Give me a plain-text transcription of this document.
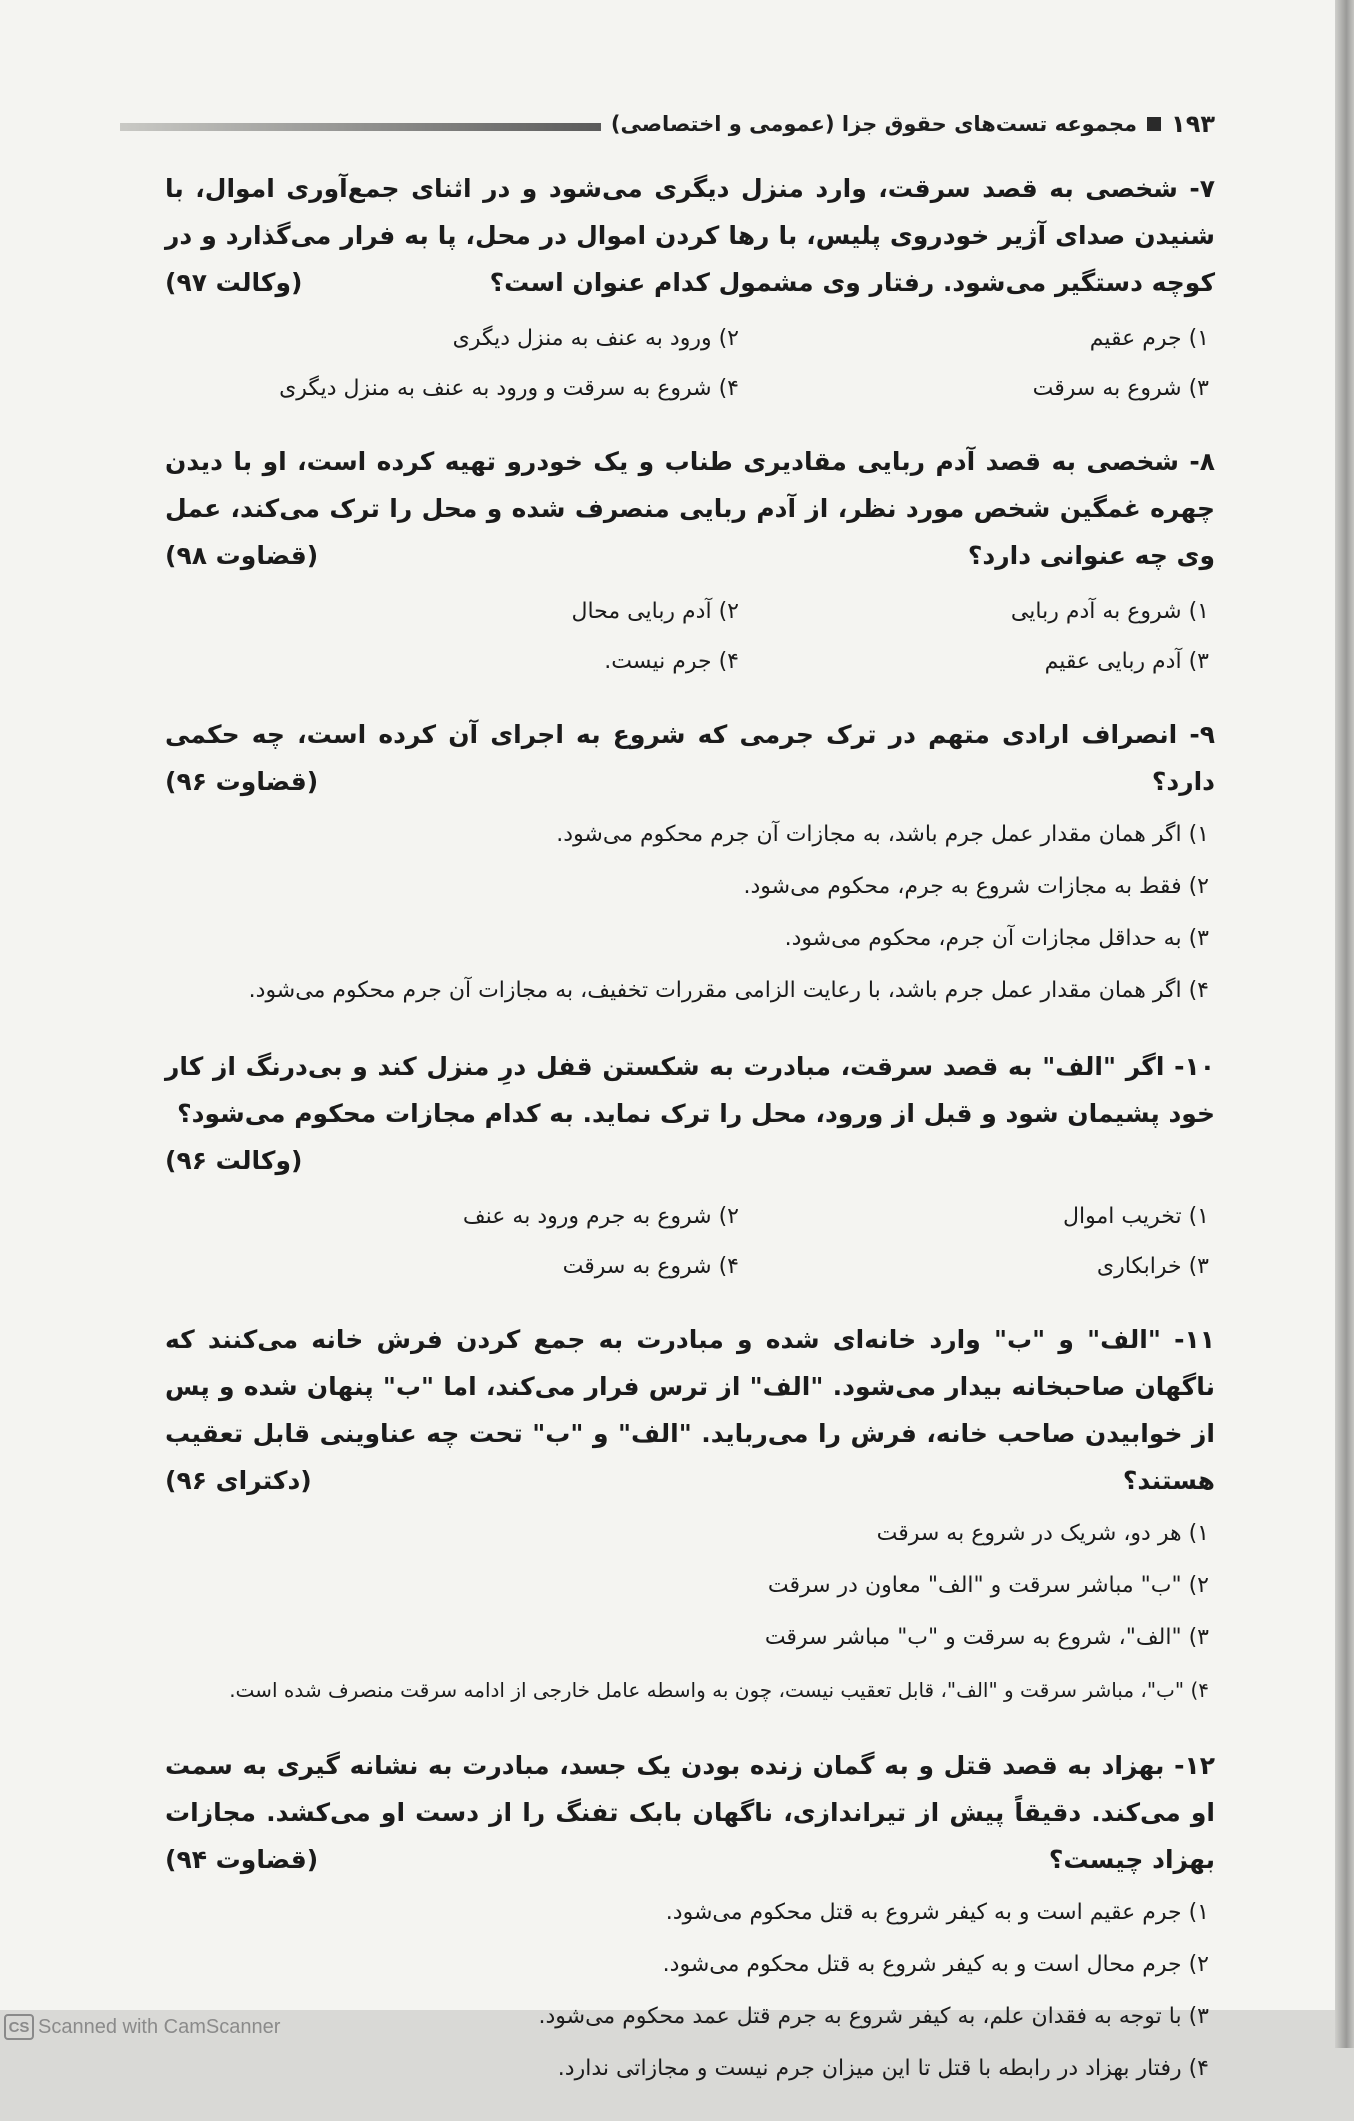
۱۹۳
مجموعه تست‌های حقوق جزا (عمومی و اختصاصی)
۷- شخصی به قصد سرقت، وارد منزل دیگری می‌شود و در اثنای جمع‌آوری اموال، با شنیدن صدای آژیر خودروی پلیس، با رها کردن اموال در محل، پا به فرار می‌گذارد و در کوچه دستگیر می‌شود. رفتار وی مشمول کدام عنوان است؟
(وکالت ۹۷)
۱) جرم عقیم
۲) ورود به عنف به منزل دیگری
۳) شروع به سرقت
۴) شروع به سرقت و ورود به عنف به منزل دیگری
۸- شخصی به قصد آدم ربایی مقادیری طناب و یک خودرو تهیه کرده است، او با دیدن چهره غمگین شخص مورد نظر، از آدم ربایی منصرف شده و محل را ترک می‌کند، عمل وی چه عنوانی دارد؟
(قضاوت ۹۸)
۱) شروع به آدم ربایی
۲) آدم ربایی محال
۳) آدم ربایی عقیم
۴) جرم نیست.
۹- انصراف ارادی متهم در ترک جرمی که شروع به اجرای آن کرده است، چه حکمی دارد؟
(قضاوت ۹۶)
۱) اگر همان مقدار عمل جرم باشد، به مجازات آن جرم محکوم می‌شود.
۲) فقط به مجازات شروع به جرم، محکوم می‌شود.
۳) به حداقل مجازات آن جرم، محکوم می‌شود.
۴) اگر همان مقدار عمل جرم باشد، با رعایت الزامی مقررات تخفیف، به مجازات آن جرم محکوم می‌شود.
۱۰- اگر "الف" به قصد سرقت، مبادرت به شکستن قفل درِ منزل کند و بی‌درنگ از کار خود پشیمان شود و قبل از ورود، محل را ترک نماید. به کدام مجازات محکوم می‌شود؟
(وکالت ۹۶)
۱) تخریب اموال
۲) شروع به جرم ورود به عنف
۳) خرابکاری
۴) شروع به سرقت
۱۱- "الف" و "ب" وارد خانه‌ای شده و مبادرت به جمع کردن فرش خانه می‌کنند که ناگهان صاحبخانه بیدار می‌شود. "الف" از ترس فرار می‌کند، اما "ب" پنهان شده و پس از خوابیدن صاحب خانه، فرش را می‌رباید. "الف" و "ب" تحت چه عناوینی قابل تعقیب هستند؟
(دکترای ۹۶)
۱) هر دو، شریک در شروع به سرقت
۲) "ب" مباشر سرقت و "الف" معاون در سرقت
۳) "الف"، شروع به سرقت و "ب" مباشر سرقت
۴) "ب"، مباشر سرقت و "الف"، قابل تعقیب نیست، چون به واسطه عامل خارجی از ادامه سرقت منصرف شده است.
۱۲- بهزاد به قصد قتل و به گمان زنده بودن یک جسد، مبادرت به نشانه گیری به سمت او می‌کند. دقیقاً پیش از تیراندازی، ناگهان بابک تفنگ را از دست او می‌کشد. مجازات بهزاد چیست؟
(قضاوت ۹۴)
۱) جرم عقیم است و به کیفر شروع به قتل محکوم می‌شود.
۲) جرم محال است و به کیفر شروع به قتل محکوم می‌شود.
۳) با توجه به فقدان علم، به کیفر شروع به جرم قتل عمد محکوم می‌شود.
۴) رفتار بهزاد در رابطه با قتل تا این میزان جرم نیست و مجازاتی ندارد.
CS Scanned with CamScanner
